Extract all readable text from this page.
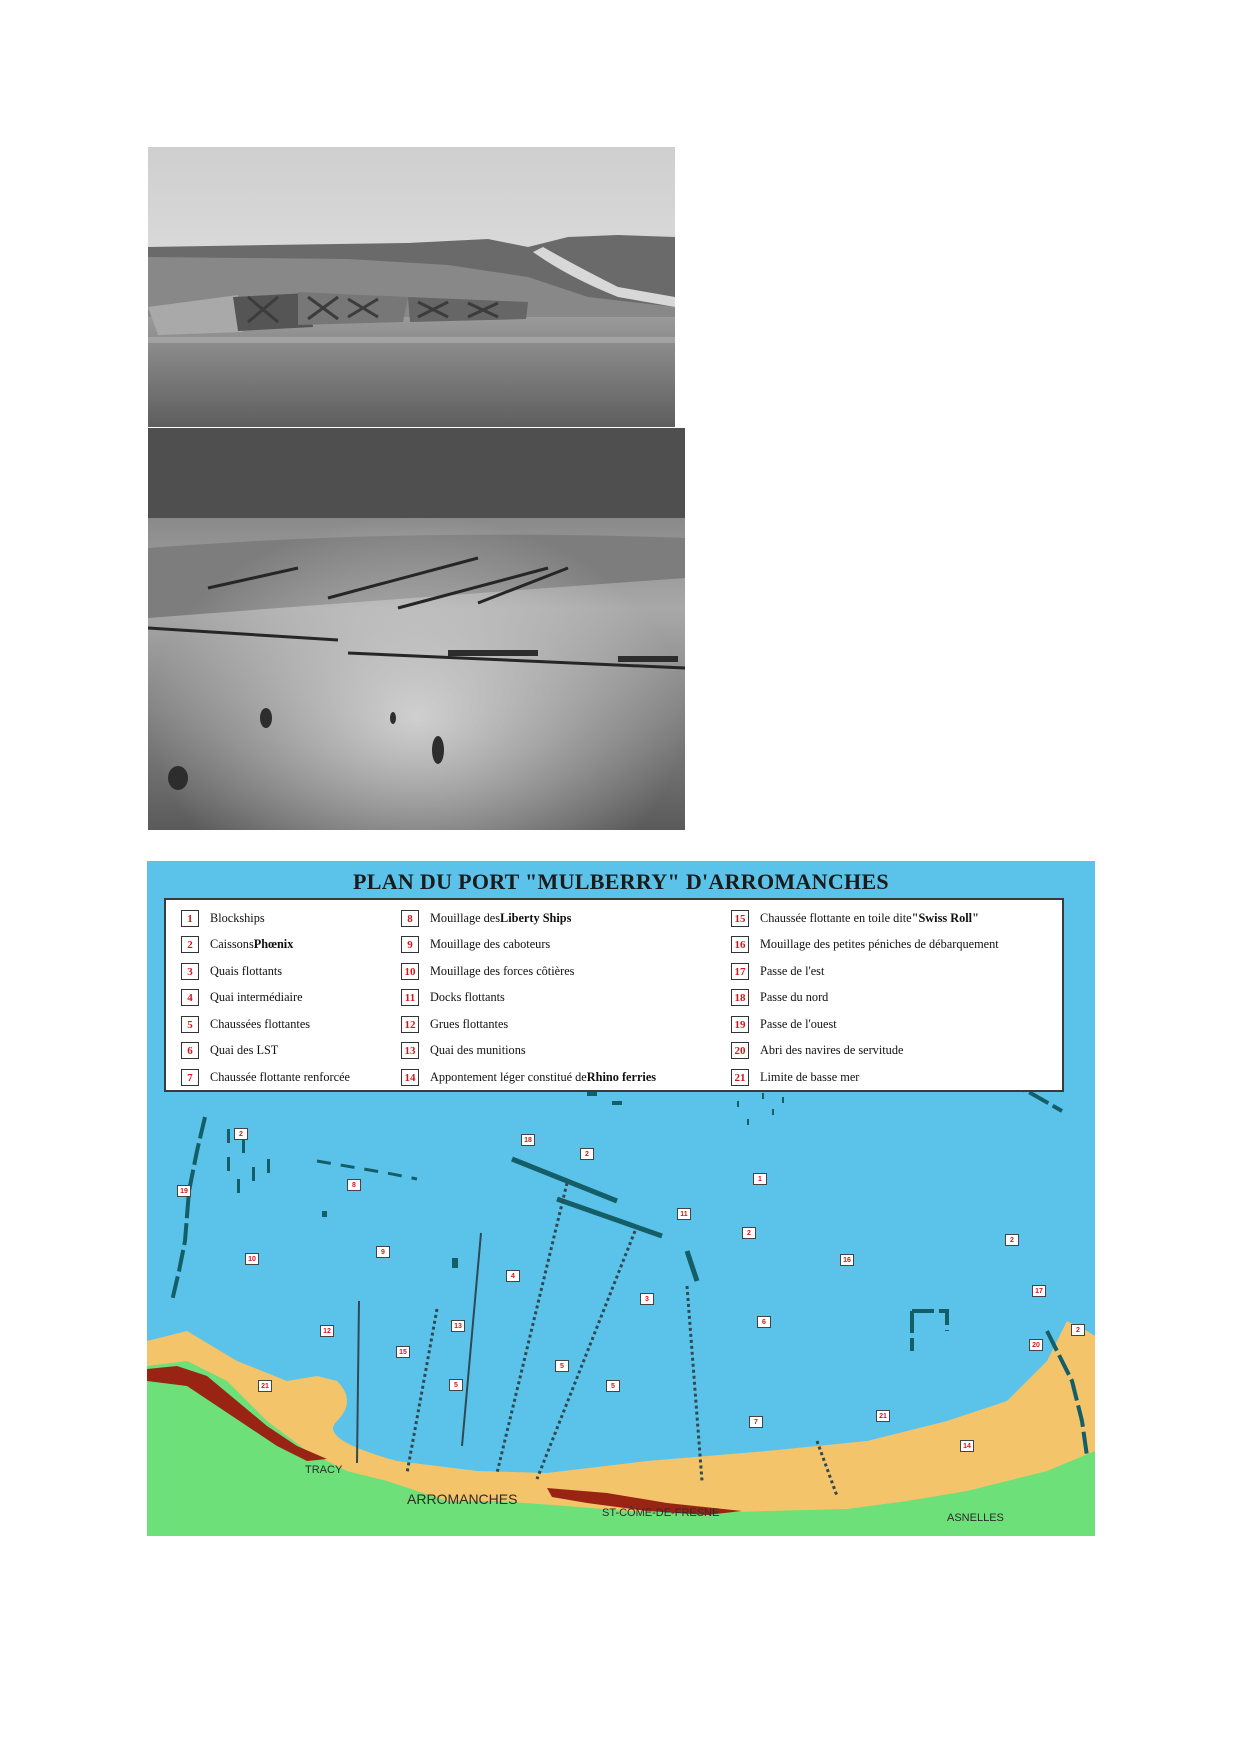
PLAN DU PORT "MULBERRY" D'ARROMANCHES
1	Blockships
2	Caissons Phœnix
3	Quais flottants
4	Quai intermédiaire
5	Chaussées flottantes
6	Quai des LST
7	Chaussée flottante renforcée
8	Mouillage des Liberty Ships
9	Mouillage des caboteurs
10 Mouillage des forces côtières
11	Docks flottants
12 Grues flottantes
13 Quai des munitions
14 Appontement léger constitué de Rhino ferries
15 Chaussée flottante en toile dite "Swiss Roll"
16 Mouillage des petites péniches de débarquement
17 Passe de l'est
18 Passe du nord
19 Passe de l'ouest
20 Abri des navires de servitude
21 Limite de basse mer
2
18
2
1
19
8
2
10
9
4
3
11
16
2
17
2
12
13
15
21	5
5
5
6
20
7
21
14
TRACY
ARROMANCHES
ST-CÔME-DE-FRESNE	ASNELLES
